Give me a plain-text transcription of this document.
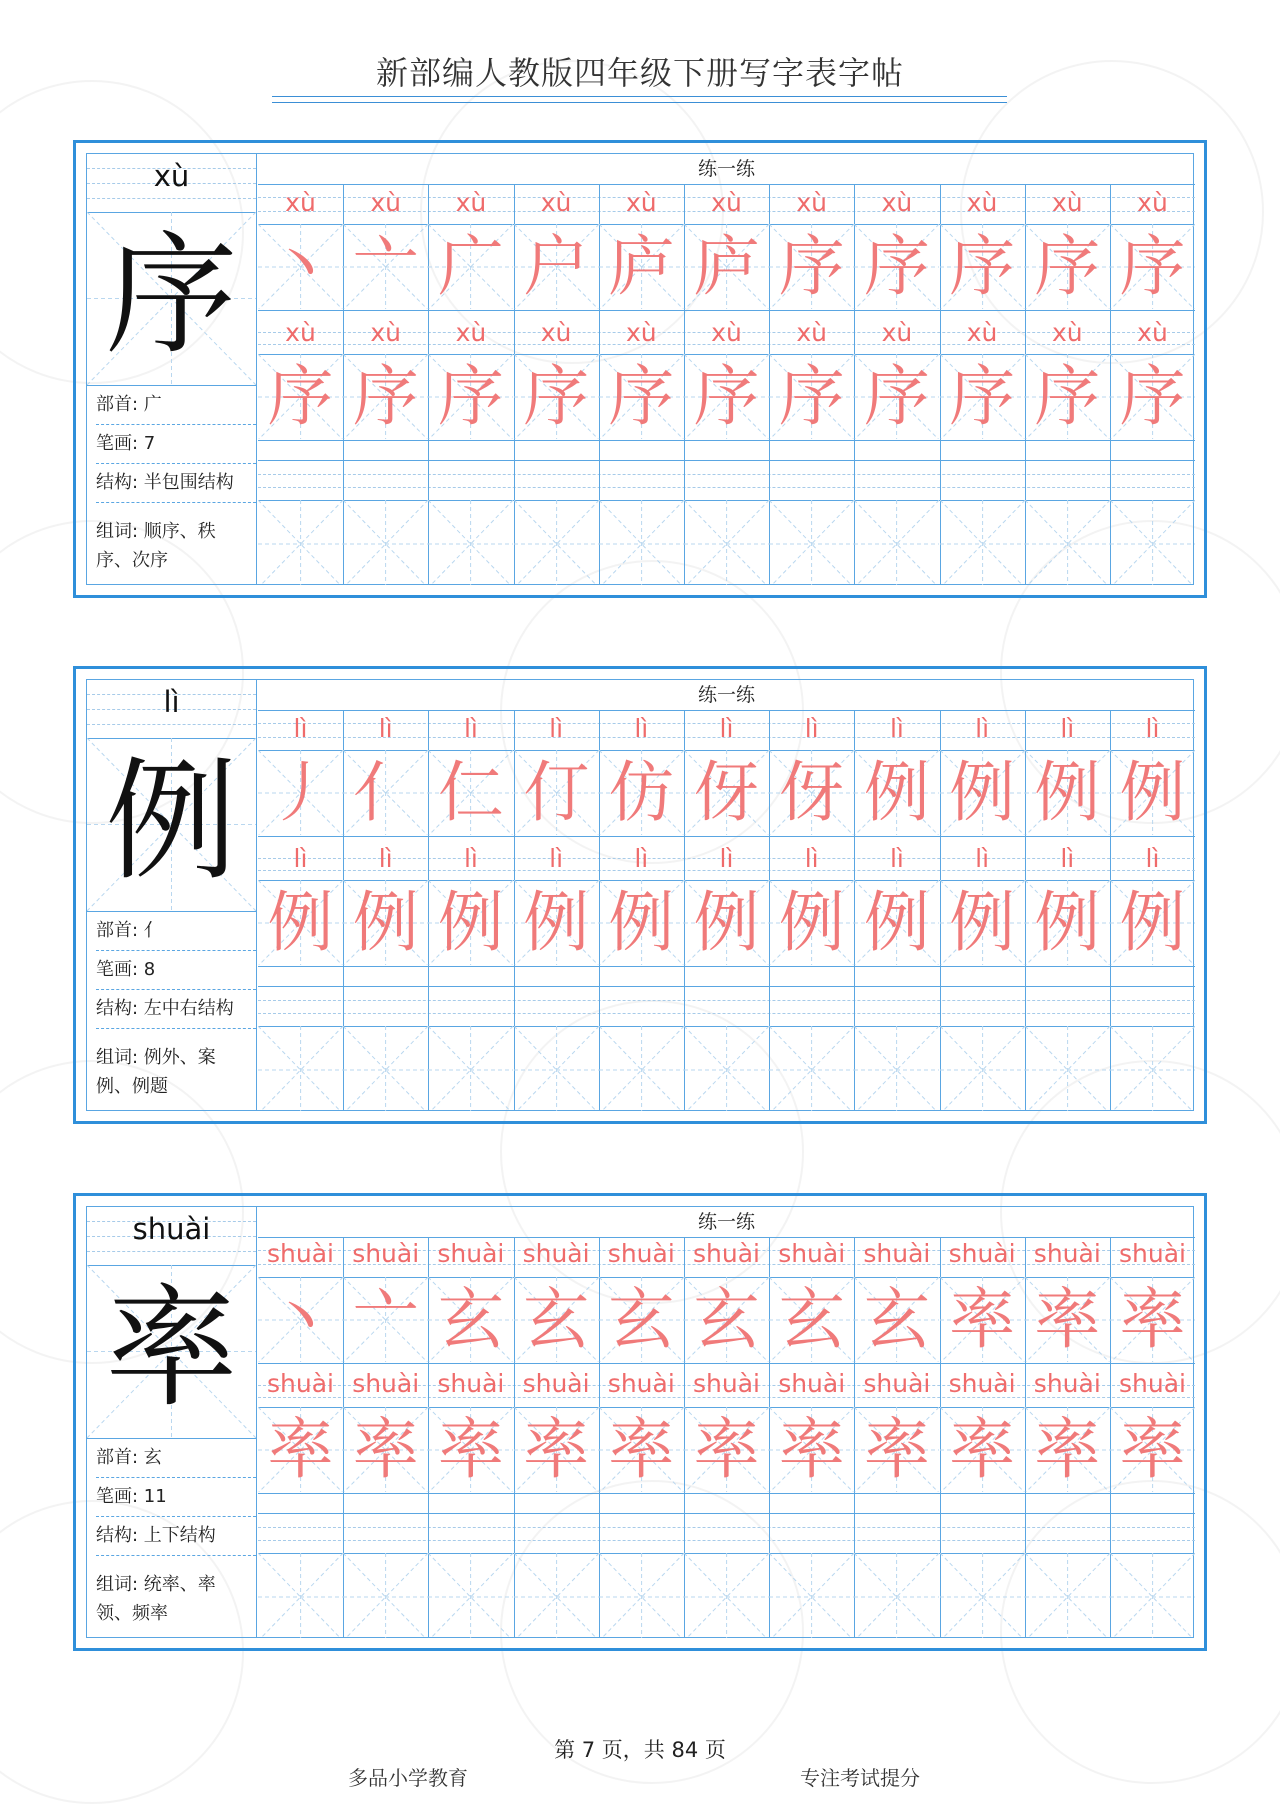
新部编人教版四年级下册写字表字帖
xù
序
部首: 广
笔画: 7
结构: 半包围结构
组词: 顺序、秩
序、次序
练一练
xù
丶
xù
序
xù
亠
xù
序
xù
广
xù
序
xù
户
xù
序
xù
庐
xù
序
xù
庐
xù
序
xù
序
xù
序
xù
序
xù
序
xù
序
xù
序
xù
序
xù
序
xù
序
xù
序
lì
例
部首: 亻
笔画: 8
结构: 左中右结构
组词: 例外、案
例、例题
练一练
lì
丿
lì
例
lì
亻
lì
例
lì
仁
lì
例
lì
仃
lì
例
lì
仿
lì
例
lì
伢
lì
例
lì
伢
lì
例
lì
例
lì
例
lì
例
lì
例
lì
例
lì
例
lì
例
lì
例
shuài
率
部首: 玄
笔画: 11
结构: 上下结构
组词: 统率、率
领、频率
练一练
shuài
丶
shuài
率
shuài
亠
shuài
率
shuài
玄
shuài
率
shuài
玄
shuài
率
shuài
玄
shuài
率
shuài
玄
shuài
率
shuài
玄
shuài
率
shuài
玄
shuài
率
shuài
率
shuài
率
shuài
率
shuài
率
shuài
率
shuài
率
第 7 页，共 84 页
多品小学教育	专注考试提分
